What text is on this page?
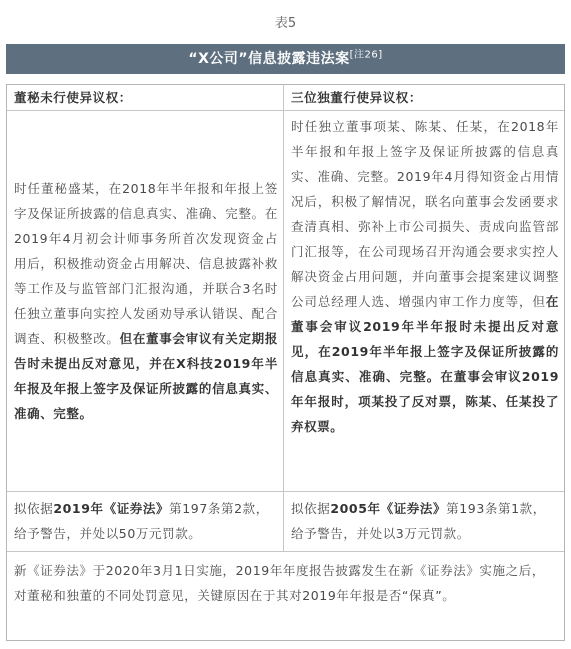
表5
“X公司”信息披露违法案[注26]
董秘未行使异议权：	三位独董行使异议权：
时任董秘盛某，在2018年半年报和年报上签字及保证所披露的信息真实、准确、完整。在2019年4月初会计师事务所首次发现资金占用后，积极推动资金占用解决、信息披露补救等工作及与监管部门汇报沟通，并联合3名时任独立董事向实控人发函劝导承认错误、配合调查、积极整改。但在董事会审议有关定期报告时未提出反对意见，并在X科技2019年半年报及年报上签字及保证所披露的信息真实、准确、完整。
时任独立董事项某、陈某、任某，在2018年半年报和年报上签字及保证所披露的信息真实、准确、完整。2019年4月得知资金占用情况后，积极了解情况，联名向董事会发函要求查清真相、弥补上市公司损失、责成向监管部门汇报等，在公司现场召开沟通会要求实控人解决资金占用问题，并向董事会提案建议调整公司总经理人选、增强内审工作力度等，但在董事会审议2019年半年报时未提出反对意见，在2019年半年报上签字及保证所披露的信息真实、准确、完整。在董事会审议2019年年报时，项某投了反对票，陈某、任某投了弃权票。
拟依据2019年《证券法》第197条第2款，给予警告，并处以50万元罚款。
拟依据2005年《证券法》第193条第1款，给予警告，并处以3万元罚款。
新《证券法》于2020年3月1日实施，2019年年度报告披露发生在新《证券法》实施之后，对董秘和独董的不同处罚意见，关键原因在于其对2019年年报是否“保真”。
